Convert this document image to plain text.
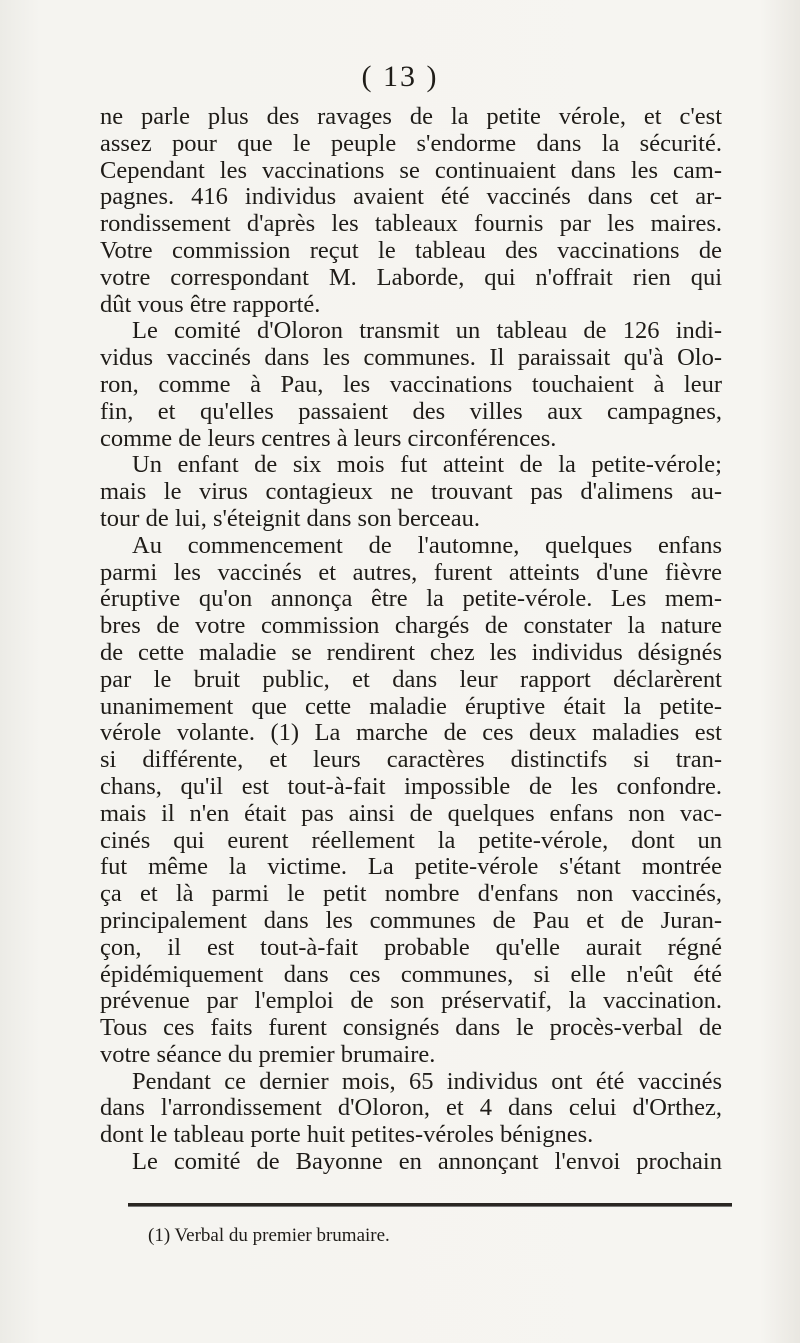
( 13 )
ne parle plus des ravages de la petite vérole, et c'est
assez pour que le peuple s'endorme dans la sécurité.
Cependant les vaccinations se continuaient dans les cam-
pagnes. 416 individus avaient été vaccinés dans cet ar-
rondissement d'après les tableaux fournis par les maires.
Votre commission reçut le tableau des vaccinations de
votre correspondant M. Laborde, qui n'offrait rien qui
dût vous être rapporté.
Le comité d'Oloron transmit un tableau de 126 indi-
vidus vaccinés dans les communes. Il paraissait qu'à Olo-
ron, comme à Pau, les vaccinations touchaient à leur
fin, et qu'elles passaient des villes aux campagnes,
comme de leurs centres à leurs circonférences.
Un enfant de six mois fut atteint de la petite-vérole;
mais le virus contagieux ne trouvant pas d'alimens au-
tour de lui, s'éteignit dans son berceau.
Au commencement de l'automne, quelques enfans
parmi les vaccinés et autres, furent atteints d'une fièvre
éruptive qu'on annonça être la petite-vérole. Les mem-
bres de votre commission chargés de constater la nature
de cette maladie se rendirent chez les individus désignés
par le bruit public, et dans leur rapport déclarèrent
unanimement que cette maladie éruptive était la petite-
vérole volante. (1) La marche de ces deux maladies est
si différente, et leurs caractères distinctifs si tran-
chans, qu'il est tout-à-fait impossible de les confondre.
mais il n'en était pas ainsi de quelques enfans non vac-
cinés qui eurent réellement la petite-vérole, dont un
fut même la victime. La petite-vérole s'étant montrée
ça et là parmi le petit nombre d'enfans non vaccinés,
principalement dans les communes de Pau et de Juran-
çon, il est tout-à-fait probable qu'elle aurait régné
épidémiquement dans ces communes, si elle n'eût été
prévenue par l'emploi de son préservatif, la vaccination.
Tous ces faits furent consignés dans le procès-verbal de
votre séance du premier brumaire.
Pendant ce dernier mois, 65 individus ont été vaccinés
dans l'arrondissement d'Oloron, et 4 dans celui d'Orthez,
dont le tableau porte huit petites-véroles bénignes.
Le comité de Bayonne en annonçant l'envoi prochain
(1) Verbal du premier brumaire.
